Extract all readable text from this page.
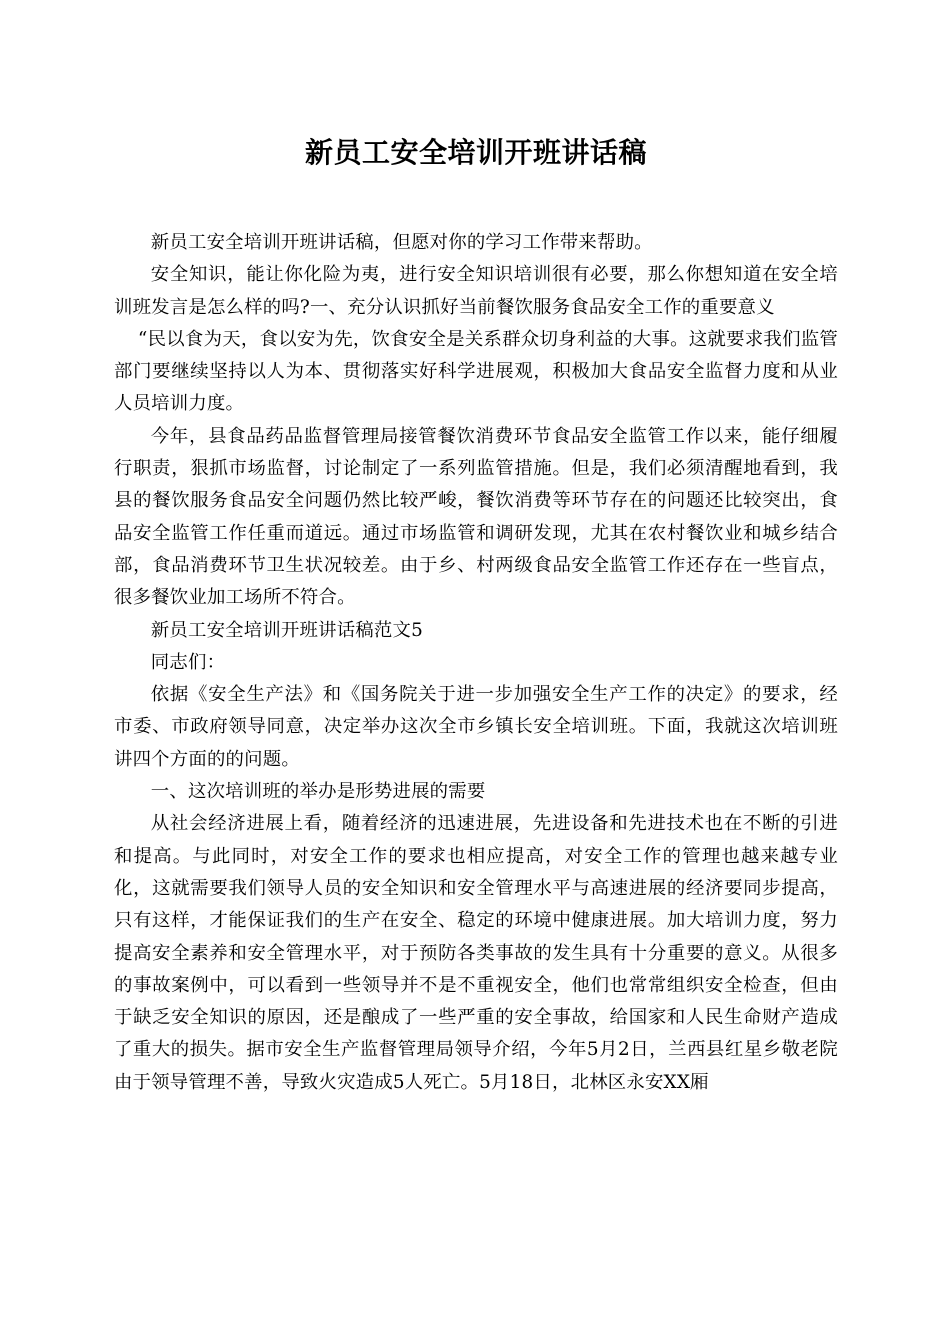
新员工安全培训开班讲话稿

新员工安全培训开班讲话稿，但愿对你的学习工作带来帮助。

安全知识，能让你化险为夷，进行安全知识培训很有必要，那么你想知道在安全培训班发言是怎么样的吗?一、充分认识抓好当前餐饮服务食品安全工作的重要意义

“民以食为天，食以安为先，饮食安全是关系群众切身利益的大事。这就要求我们监管部门要继续坚持以人为本、贯彻落实好科学进展观，积极加大食品安全监督力度和从业人员培训力度。

今年，县食品药品监督管理局接管餐饮消费环节食品安全监管工作以来，能仔细履行职责，狠抓市场监督，讨论制定了一系列监管措施。但是，我们必须清醒地看到，我县的餐饮服务食品安全问题仍然比较严峻，餐饮消费等环节存在的问题还比较突出，食品安全监管工作任重而道远。通过市场监管和调研发现，尤其在农村餐饮业和城乡结合部，食品消费环节卫生状况较差。由于乡、村两级食品安全监管工作还存在一些盲点，很多餐饮业加工场所不符合。

新员工安全培训开班讲话稿范文5

同志们：

依据《安全生产法》和《国务院关于进一步加强安全生产工作的决定》的要求，经市委、市政府领导同意，决定举办这次全市乡镇长安全培训班。下面，我就这次培训班讲四个方面的的问题。

一、这次培训班的举办是形势进展的需要

从社会经济进展上看，随着经济的迅速进展，先进设备和先进技术也在不断的引进和提高。与此同时，对安全工作的要求也相应提高，对安全工作的管理也越来越专业化，这就需要我们领导人员的安全知识和安全管理水平与高速进展的经济要同步提高，只有这样，才能保证我们的生产在安全、稳定的环境中健康进展。加大培训力度，努力提高安全素养和安全管理水平，对于预防各类事故的发生具有十分重要的意义。从很多的事故案例中，可以看到一些领导并不是不重视安全，他们也常常组织安全检查，但由于缺乏安全知识的原因，还是酿成了一些严重的安全事故，给国家和人民生命财产造成了重大的损失。据市安全生产监督管理局领导介绍，今年5月2日，兰西县红星乡敬老院由于领导管理不善，导致火灾造成5人死亡。5月18日，北林区永安XX厢
